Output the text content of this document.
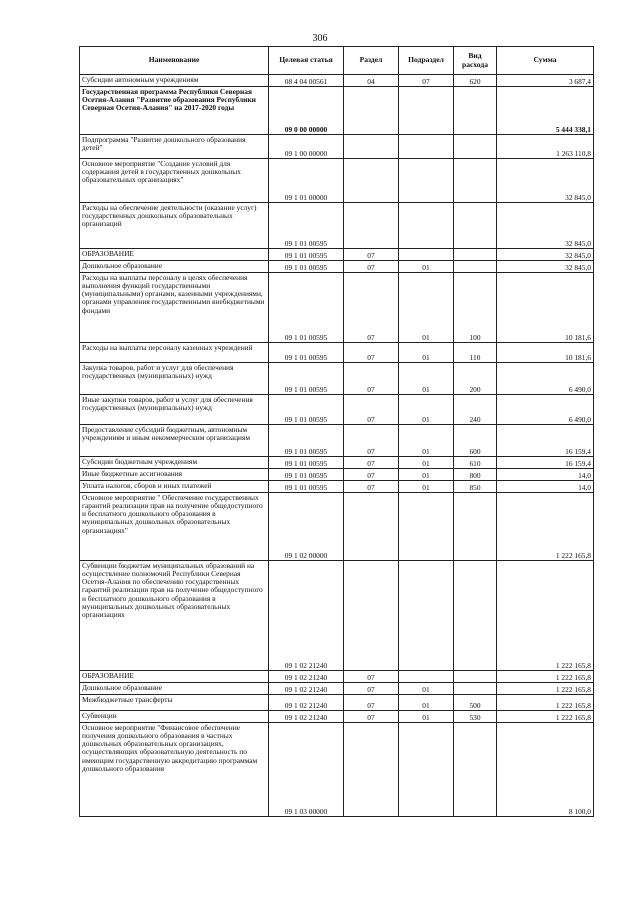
306
Наименование	Целевая статья	Раздел	Подраздел	Вид расхода	Сумма
Субсидии автономным учреждениям	08 4 04 00561	04	07	620	3 687,4
Государственная программа Республики Северная Осетия-Алания "Развитие образования Республики Северная Осетия-Алания" на 2017-2020 годы	09 0 00 00000				5 444 338,1
Подпрограмма "Развитие дошкольного образования детей"	09 1 00 00000				1 263 110,8
Основное мероприятие "Создание условий для содержания детей в государственных дошкольных образовательных организациях"	09 1 01 00000				32 845,0
Расходы на обеспечение деятельности (оказание услуг) государственных дошкольных образовательных организаций	09 1 01 00595				32 845,0
ОБРАЗОВАНИЕ	09 1 01 00595	07			32 845,0
Дошкольное образование	09 1 01 00595	07	01		32 845,0
Расходы на выплаты персоналу в целях обеспечения выполнения функций государственными (муниципальными) органами, казенными учреждениями, органами управления государственными внебюджетными фондами	09 1 01 00595	07	01	100	10 181,6
Расходы на выплаты персоналу казенных учреждений	09 1 01 00595	07	01	110	10 181,6
Закупка товаров, работ и услуг для обеспечения государственных (муниципальных) нужд	09 1 01 00595	07	01	200	6 490,0
Иные закупки товаров, работ и услуг для обеспечения государственных (муниципальных) нужд	09 1 01 00595	07	01	240	6 490,0
Предоставление субсидий бюджетным, автономным учреждениям и иным некоммерческим организациям	09 1 01 00595	07	01	600	16 159,4
Субсидии бюджетным учреждениям	09 1 01 00595	07	01	610	16 159,4
Иные бюджетные ассигнования	09 1 01 00595	07	01	800	14,0
Уплата налогов, сборов и иных платежей	09 1 01 00595	07	01	850	14,0
Основное мероприятие " Обеспечение государственных гарантий реализации прав на получение общедоступного и бесплатного дошкольного образования в муниципальных дошкольных образовательных организациях"	09 1 02 00000				1 222 165,8
Субвенции бюджетам муниципальных образований на осуществление полномочий Республики Северная Осетия-Алания по обеспечению государственных гарантий реализации прав на получение общедоступного и бесплатного дошкольного образования в муниципальных дошкольных образовательных организациях	09 1 02 21240				1 222 165,8
ОБРАЗОВАНИЕ	09 1 02 21240	07			1 222 165,8
Дошкольное образование	09 1 02 21240	07	01		1 222 165,8
Межбюджетные трансферты	09 1 02 21240	07	01	500	1 222 165,8
Субвенции	09 1 02 21240	07	01	530	1 222 165,8
Основное мероприятие "Финансовое обеспечение получения дошкольного образования в частных дошкольных образовательных организациях, осуществляющих образовательную деятельность по имеющим государственную аккредитацию программам дошкольного образования	09 1 03 00000				8 100,0
